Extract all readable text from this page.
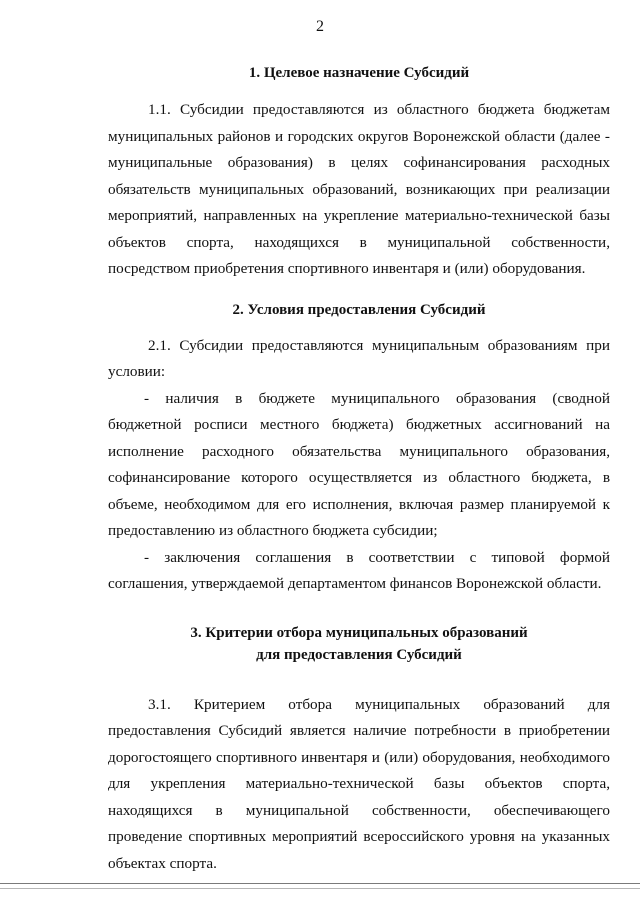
2

1. Целевое назначение Субсидий

1.1. Субсидии предоставляются из областного бюджета бюджетам муниципальных районов и городских округов Воронежской области (далее - муниципальные образования) в целях софинансирования расходных обязательств муниципальных образований, возникающих при реализации мероприятий, направленных на укрепление материально-технической базы объектов спорта, находящихся в муниципальной собственности, посредством приобретения спортивного инвентаря и (или) оборудования.

2. Условия предоставления Субсидий

2.1. Субсидии предоставляются муниципальным образованиям при условии:

- наличия в бюджете муниципального образования (сводной бюджетной росписи местного бюджета) бюджетных ассигнований на исполнение расходного обязательства муниципального образования, софинансирование которого осуществляется из областного бюджета, в объеме, необходимом для его исполнения, включая размер планируемой к предоставлению из областного бюджета субсидии;

- заключения соглашения в соответствии с типовой формой соглашения, утверждаемой департаментом финансов Воронежской области.

3. Критерии отбора муниципальных образований

для предоставления Субсидий

3.1. Критерием отбора муниципальных образований для предоставления Субсидий является наличие потребности в приобретении дорогостоящего спортивного инвентаря и (или) оборудования, необходимого для укрепления материально-технической базы объектов спорта, находящихся в муниципальной собственности, обеспечивающего проведение спортивных мероприятий всероссийского уровня на указанных объектах спорта.
